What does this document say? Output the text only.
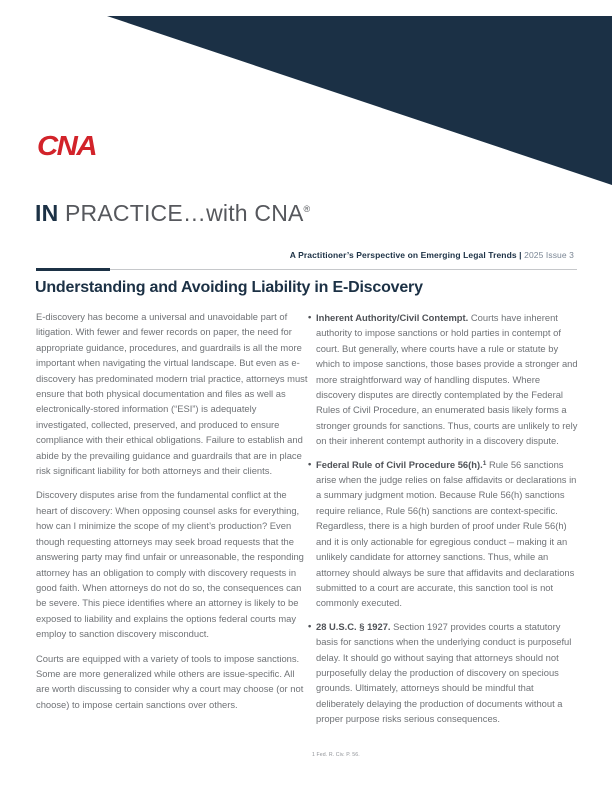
CNA
IN PRACTICE…with CNA®
A Practitioner’s Perspective on Emerging Legal Trends | 2025 Issue 3
Understanding and Avoiding Liability in E-Discovery

E-discovery has become a universal and unavoidable part of litigation. With fewer and fewer records on paper, the need for appropriate guidance, procedures, and guardrails is all the more important when navigating the virtual landscape. But even as e-discovery has predominated modern trial practice, attorneys must ensure that both physical documentation and files as well as electronically-stored information (“ESI”) is adequately investigated, collected, preserved, and produced to ensure compliance with their ethical obligations. Failure to establish and abide by the prevailing guidance and guardrails that are in place risk significant liability for both attorneys and their clients.

Discovery disputes arise from the fundamental conflict at the heart of discovery: When opposing counsel asks for everything, how can I minimize the scope of my client’s production? Even though requesting attorneys may seek broad requests that the answering party may find unfair or unreasonable, the responding attorney has an obligation to comply with discovery requests in good faith. When attorneys do not do so, the consequences can be severe. This piece identifies where an attorney is likely to be exposed to liability and explains the options federal courts may employ to sanction discovery misconduct.

Courts are equipped with a variety of tools to impose sanctions. Some are more generalized while others are issue-specific. All are worth discussing to consider why a court may choose (or not choose) to impose certain sanctions over others.

• Inherent Authority/Civil Contempt. Courts have inherent authority to impose sanctions or hold parties in contempt of court. But generally, where courts have a rule or statute by which to impose sanctions, those bases provide a stronger and more straightforward way of handling disputes. Where discovery disputes are directly contemplated by the Federal Rules of Civil Procedure, an enumerated basis likely forms a stronger grounds for sanctions. Thus, courts are unlikely to rely on their inherent contempt authority in a discovery dispute.
• Federal Rule of Civil Procedure 56(h).$^1$ Rule 56 sanctions arise when the judge relies on false affidavits or declarations in a summary judgment motion. Because Rule 56(h) sanctions require reliance, Rule 56(h) sanctions are context-specific. Regardless, there is a high burden of proof under Rule 56(h) and it is only actionable for egregious conduct – making it an unlikely candidate for attorney sanctions. Thus, while an attorney should always be sure that affidavits and declarations submitted to a court are accurate, this sanction tool is not commonly executed.
• 28 U.S.C. § 1927. Section 1927 provides courts a statutory basis for sanctions when the underlying conduct is purposeful delay. It should go without saying that attorneys should not purposefully delay the production of discovery on specious grounds. Ultimately, attorneys should be mindful that deliberately delaying the production of documents without a proper purpose risks serious consequences.
1 Fed. R. Civ. P. 56.
